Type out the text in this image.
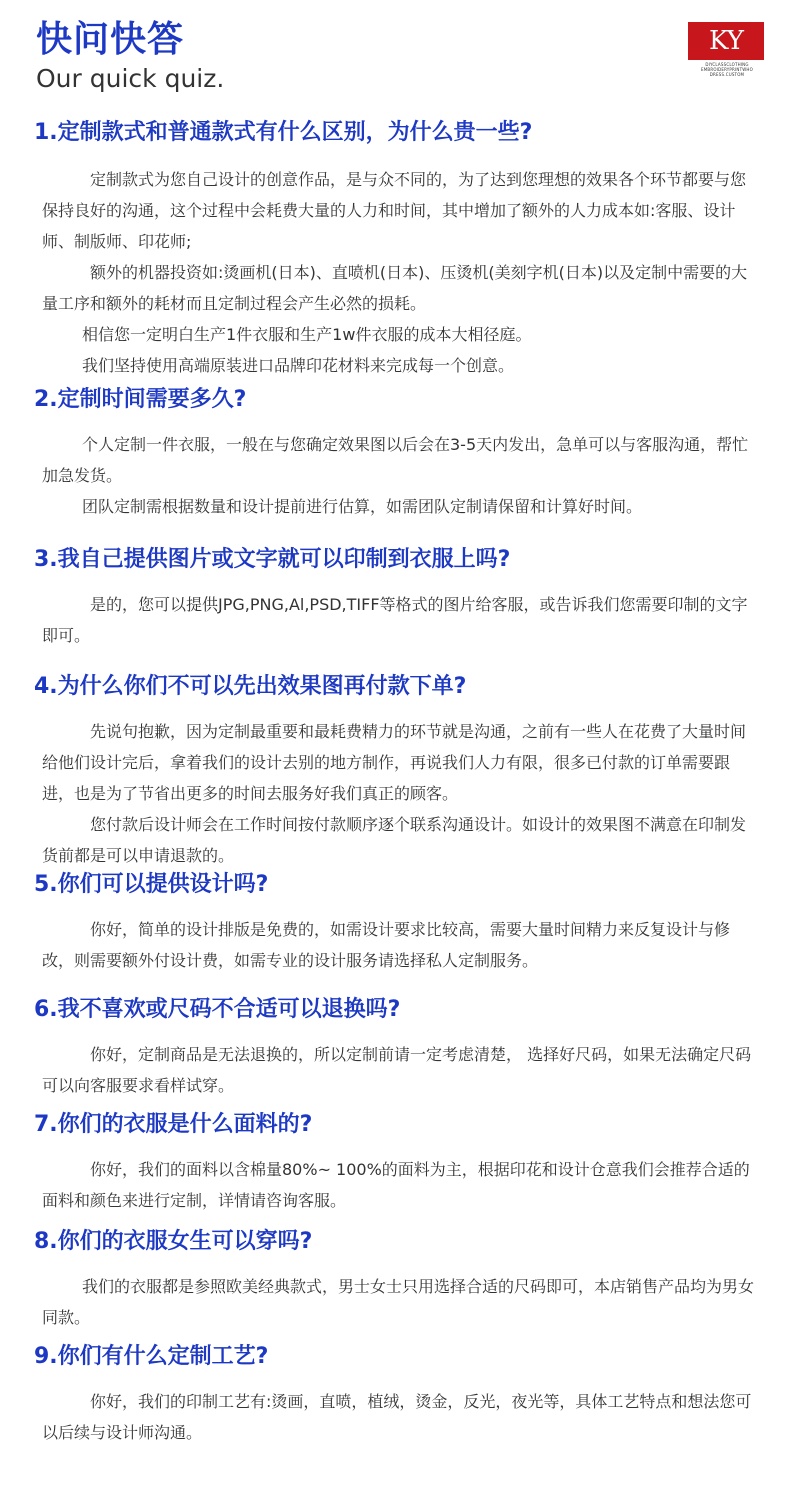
快问快答
Our quick quiz.
KY
DIYCLASSCLOTHING EMBROIDERYPRINTWHO DRESS.CUSTOM
1.定制款式和普通款式有什么区别，为什么贵一些?

定制款式为您自己设计的创意作品，是与众不同的，为了达到您理想的效果各个环节都要与您保持良好的沟通，这个过程中会耗费大量的人力和时间，其中增加了额外的人力成本如:客服、设计师、制版师、印花师;

额外的机器投资如:烫画机(日本)、直喷机(日本)、压烫机(美刻字机(日本)以及定制中需要的大量工序和额外的耗材而且定制过程会产生必然的损耗。

相信您一定明白生产1件衣服和生产1w件衣服的成本大相径庭。

我们坚持使用高端原装进口品牌印花材料来完成每一个创意。

2.定制时间需要多久?

个人定制一件衣服，一般在与您确定效果图以后会在3-5天内发出，急单可以与客服沟通，帮忙加急发货。

团队定制需根据数量和设计提前进行估算，如需团队定制请保留和计算好时间。

3.我自己提供图片或文字就可以印制到衣服上吗?

是的，您可以提供JPG,PNG,Al,PSD,TIFF等格式的图片给客服，或告诉我们您需要印制的文字即可。

4.为什么你们不可以先出效果图再付款下单?

先说句抱歉，因为定制最重要和最耗费精力的环节就是沟通，之前有一些人在花费了大量时间给他们设计完后，拿着我们的设计去别的地方制作，再说我们人力有限，很多已付款的订单需要跟进，也是为了节省出更多的时间去服务好我们真正的顾客。

您付款后设计师会在工作时间按付款顺序逐个联系沟通设计。如设计的效果图不满意在印制发货前都是可以申请退款的。

5.你们可以提供设计吗?

你好，简单的设计排版是免费的，如需设计要求比较高，需要大量时间精力来反复设计与修改，则需要额外付设计费，如需专业的设计服务请选择私人定制服务。

6.我不喜欢或尺码不合适可以退换吗?

你好，定制商品是无法退换的，所以定制前请一定考虑清楚， 选择好尺码，如果无法确定尺码可以向客服要求看样试穿。

7.你们的衣服是什么面料的?

你好，我们的面料以含棉量80%~ 100%的面料为主，根据印花和设计仓意我们会推荐合适的面料和颜色来进行定制，详情请咨询客服。

8.你们的衣服女生可以穿吗?

我们的衣服都是参照欧美经典款式，男士女士只用选择合适的尺码即可，本店销售产品均为男女同款。

9.你们有什么定制工艺?

你好，我们的印制工艺有:烫画，直喷，植绒，烫金，反光，夜光等，具体工艺特点和想法您可以后续与设计师沟通。
